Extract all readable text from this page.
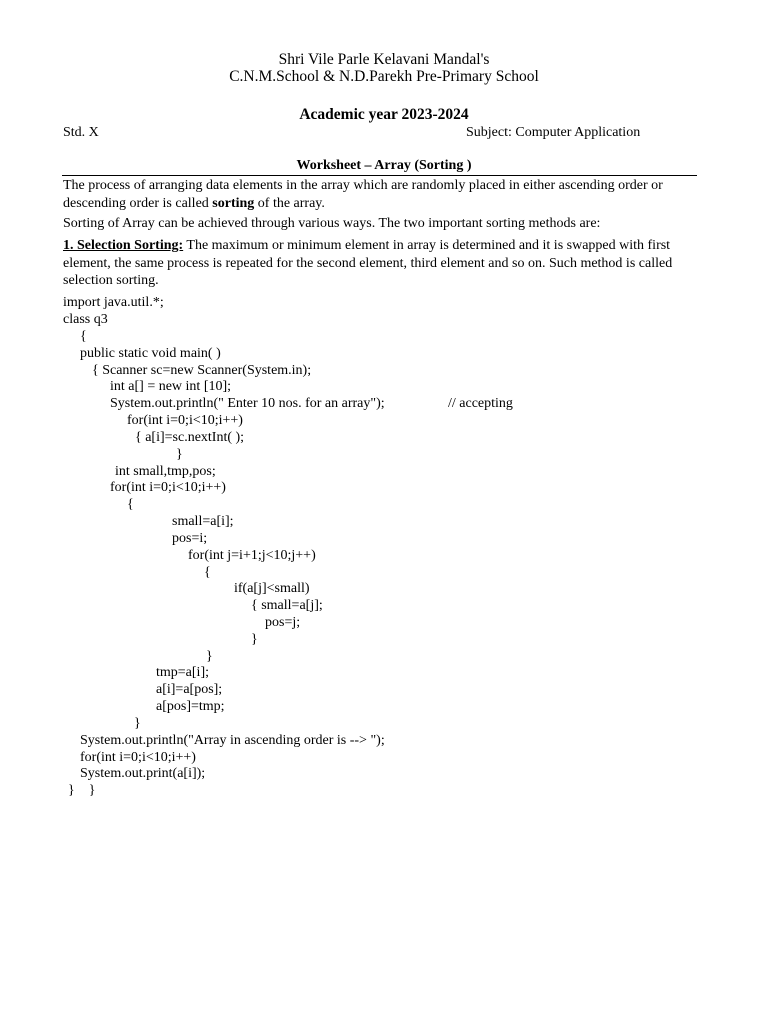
Shri Vile Parle Kelavani Mandal's
C.N.M.School & N.D.Parekh Pre-Primary School
Academic year 2023-2024
Std. X	Subject: Computer Application
Worksheet – Array (Sorting )
The process of arranging data elements in the array which are randomly placed in either ascending order or descending order is called sorting of the array.
Sorting of Array can be achieved through various ways. The two important sorting methods are:
1. Selection Sorting: The maximum or minimum element in array is determined and it is swapped with first element, the same process is repeated for the second element, third element and so on. Such method is called selection sorting.
import java.util.*;
class q3
{
public static void main( )
{ Scanner sc=new Scanner(System.in);
int a[] = new int [10];
System.out.println(" Enter 10 nos. for an array");	// accepting
for(int i=0;i<10;i++)
{ a[i]=sc.nextInt( );
}
int small,tmp,pos;
for(int i=0;i<10;i++)
{
small=a[i];
pos=i;
for(int j=i+1;j<10;j++)
{
if(a[j]<small)
{ small=a[j];
pos=j;
}
}
tmp=a[i];
a[i]=a[pos];
a[pos]=tmp;
}
System.out.println("Array in ascending order is --> ");
for(int i=0;i<10;i++)
System.out.print(a[i]);
}    }
